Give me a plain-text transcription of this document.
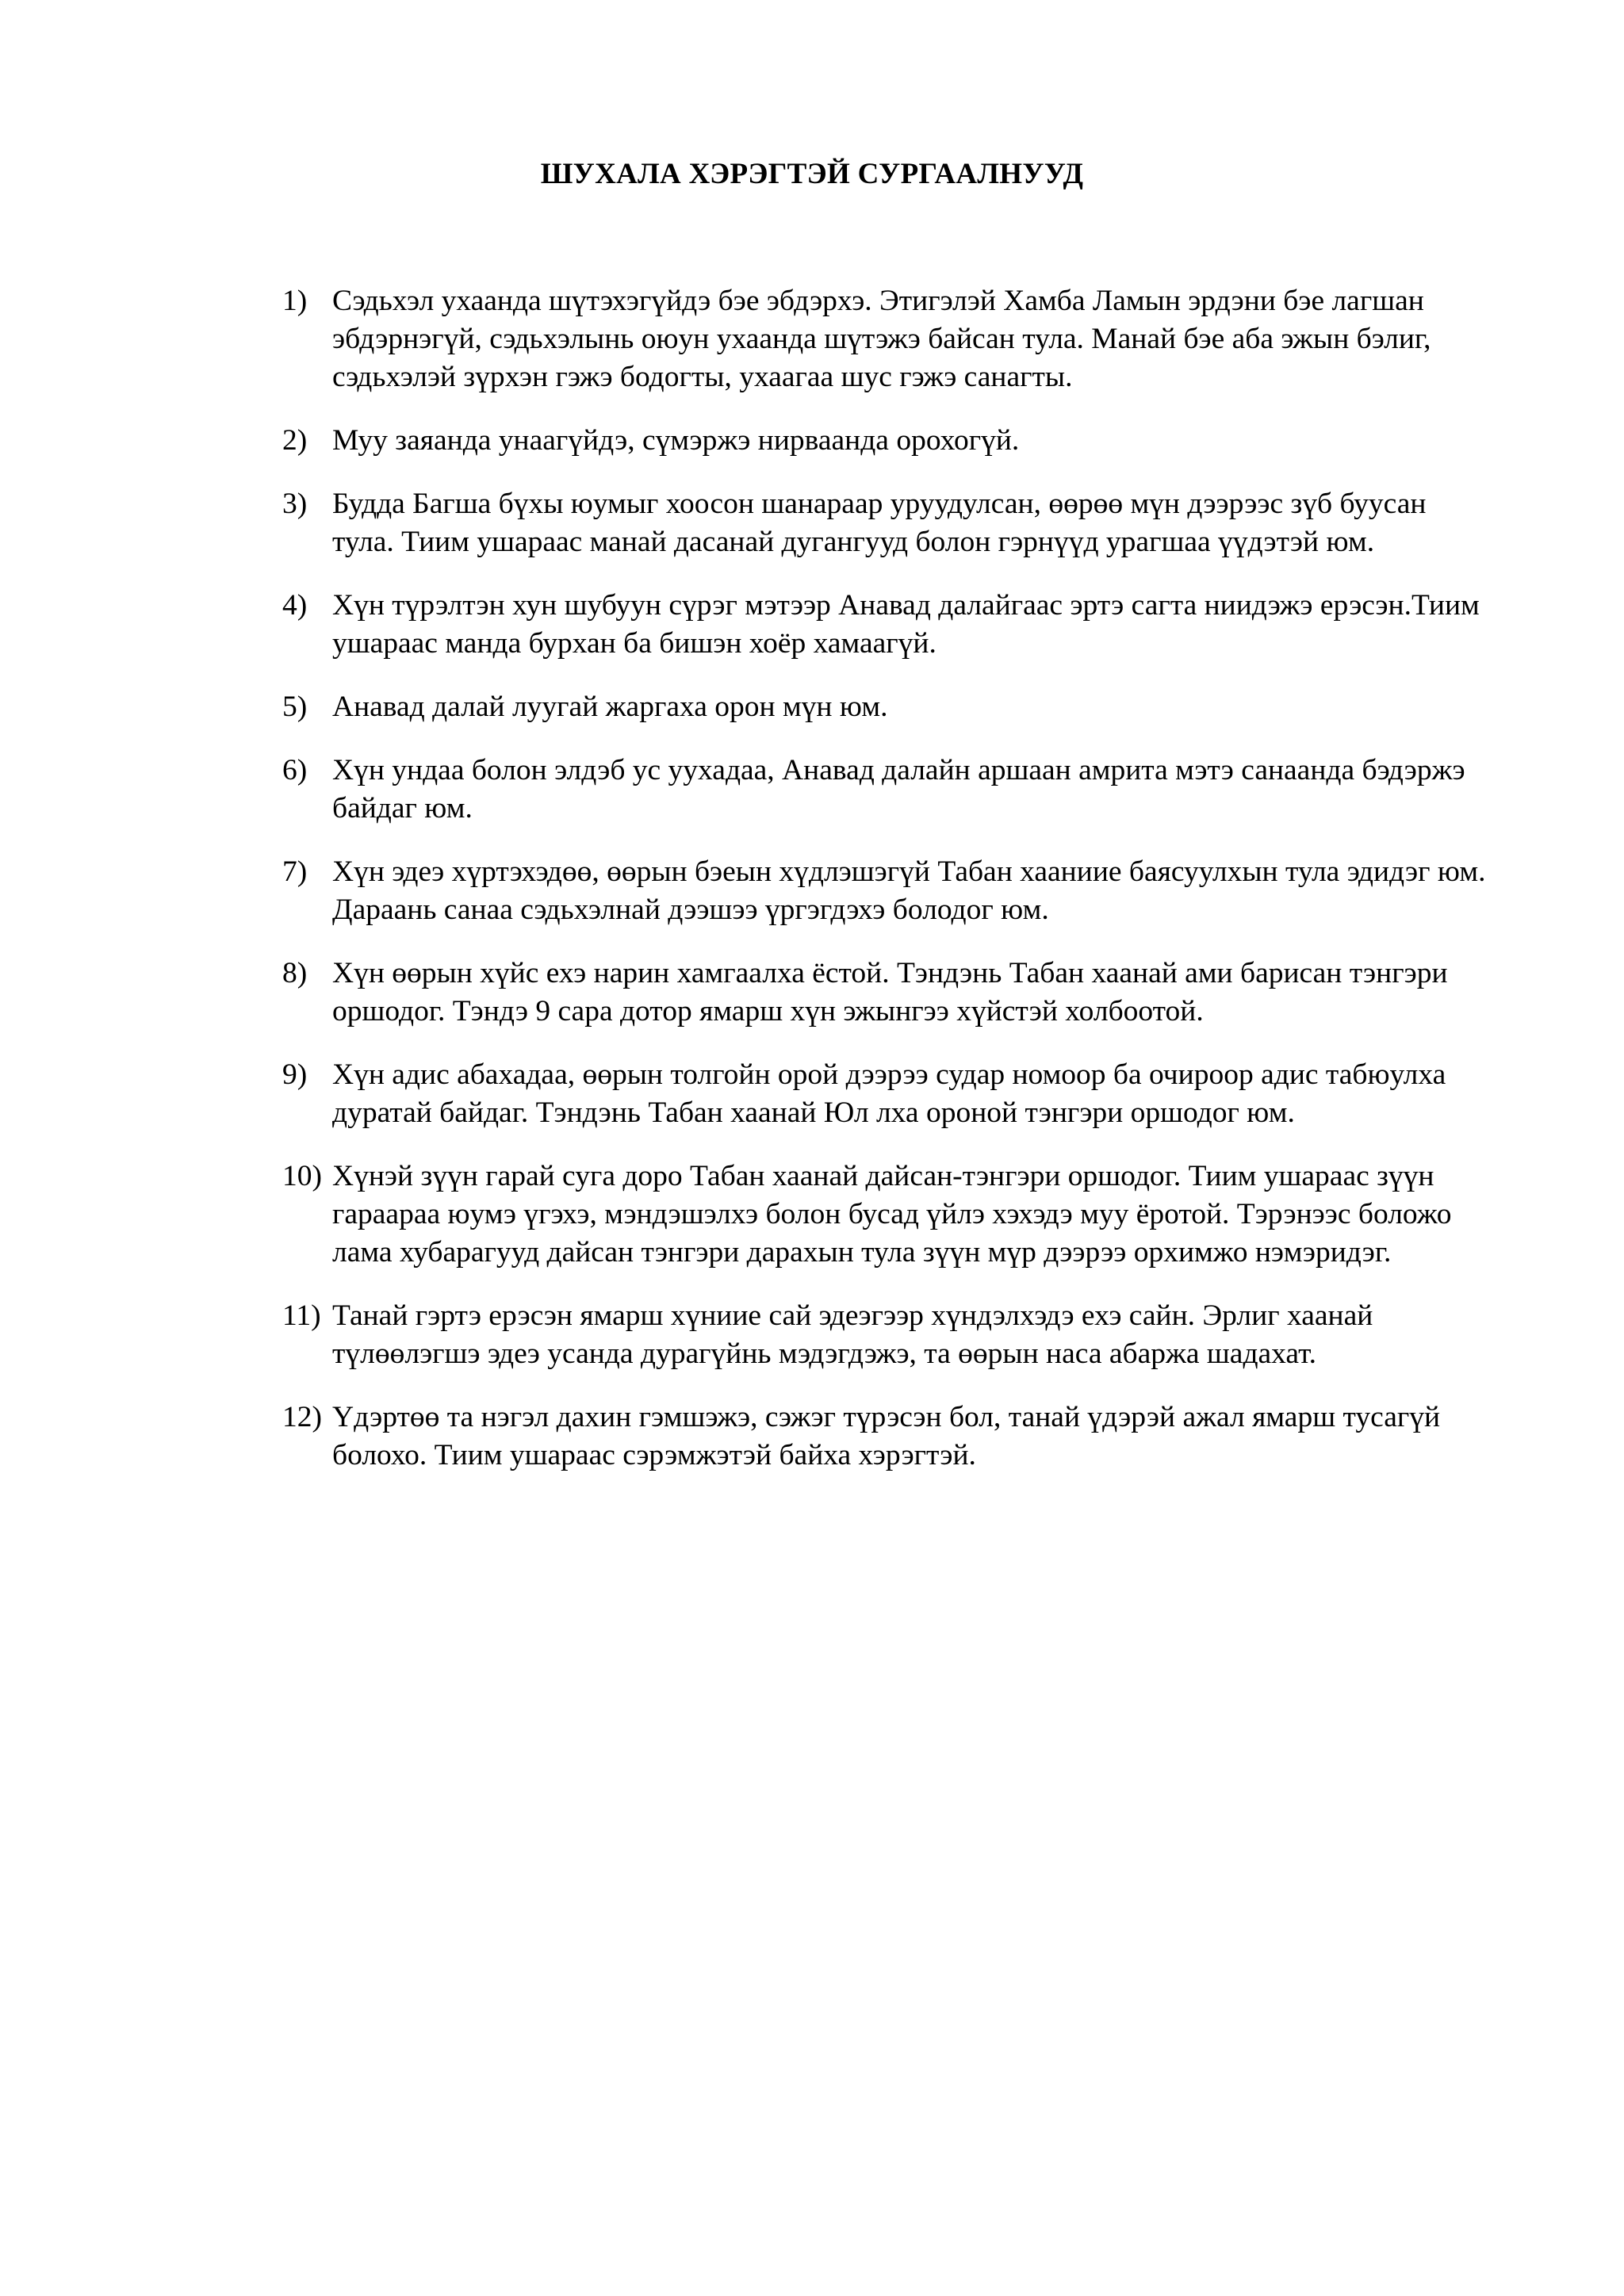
ШУХАЛА ХЭРЭГТЭЙ СУРГААЛНУУД
1) Сэдьхэл ухаанда шүтэхэгүйдэ бэе эбдэрхэ. Этигэлэй Хамба Ламын эрдэни бэе лагшан эбдэрнэгүй, сэдьхэлынь оюун ухаанда шүтэжэ байсан тула. Манай бэе аба эжын бэлиг, сэдьхэлэй зүрхэн гэжэ бодогты, ухаагаа шус гэжэ санагты.
2) Муу заяанда унаагүйдэ, сүмэржэ нирваанда орохогүй.
3) Будда Багша бүхы юумыг хоосон шанараар уруудулсан, өөрөө мүн дээрээс зүб буусан тула. Тиим ушараас манай дасанай дугангууд болон гэрнүүд урагшаа үүдэтэй юм.
4) Хүн түрэлтэн хун шубуун сүрэг мэтээр Анавад далайгаас эртэ сагта ниидэжэ ерэсэн.Тиим ушараас манда бурхан ба бишэн хоёр хамаагүй.
5) Анавад далай луугай жаргаха орон мүн юм.
6) Хүн ундаа болон элдэб ус уухадаа, Анавад далайн аршаан амрита мэтэ санаанда бэдэржэ байдаг юм.
7) Хүн эдеэ хүртэхэдөө, өөрын бэеын хүдлэшэгүй Табан хааниие баясуулхын тула эдидэг юм. Дараань санаа сэдьхэлнай дээшээ үргэгдэхэ болодог юм.
8) Хүн өөрын хүйс ехэ нарин хамгаалха ёстой. Тэндэнь Табан хаанай ами барисан тэнгэри оршодог. Тэндэ 9 сара дотор ямарш хүн эжынгээ хүйстэй холбоотой.
9) Хүн адис абахадаа, өөрын толгойн орой дээрээ судар номоор ба очироор адис табюулха дуратай байдаг. Тэндэнь Табан хаанай Юл лха ороной тэнгэри оршодог юм.
10) Хүнэй зүүн гарай суга доро Табан хаанай дайсан-тэнгэри оршодог. Тиим ушараас зүүн гараараа юумэ үгэхэ, мэндэшэлхэ болон бусад үйлэ хэхэдэ муу ёротой. Тэрэнээс боложо лама хубарагууд дайсан тэнгэри дарахын тула зүүн мүр дээрээ орхимжо нэмэридэг.
11) Танай гэртэ ерэсэн ямарш хүниие сай эдеэгээр хүндэлхэдэ ехэ сайн. Эрлиг хаанай түлөөлэгшэ эдеэ усанда дурагүйнь мэдэгдэжэ, та өөрын наса абаржа шадахат.
12) Үдэртөө та нэгэл дахин гэмшэжэ, сэжэг түрэсэн бол, танай үдэрэй ажал ямарш тусагүй болохо. Тиим ушараас сэрэмжэтэй байха хэрэгтэй.
